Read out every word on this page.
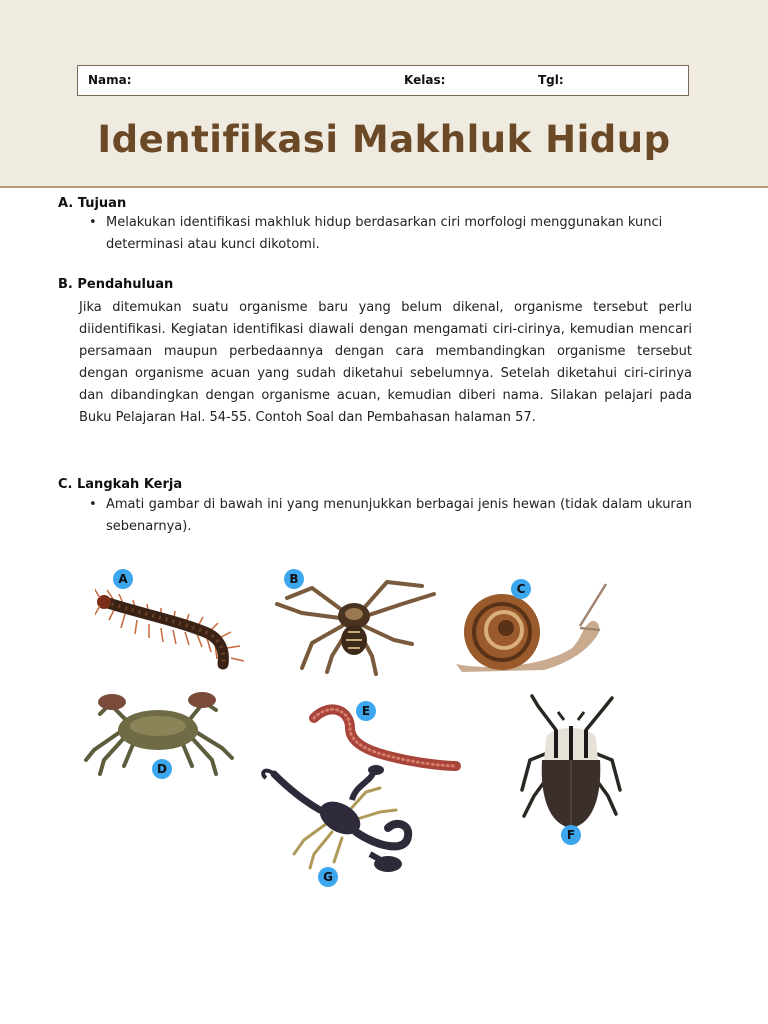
Nama:	Kelas:	Tgl:
Identifikasi Makhluk Hidup
A. Tujuan
• Melakukan identifikasi makhluk hidup berdasarkan ciri morfologi menggunakan kunci determinasi atau kunci dikotomi.
B. Pendahuluan
Jika ditemukan suatu organisme baru yang belum dikenal, organisme tersebut perlu diidentifikasi. Kegiatan identifikasi diawali dengan mengamati ciri-cirinya, kemudian mencari persamaan maupun perbedaannya dengan cara membandingkan organisme tersebut dengan organisme acuan yang sudah diketahui sebelumnya. Setelah diketahui ciri-cirinya dan dibandingkan dengan organisme acuan, kemudian diberi nama. Silakan pelajari pada Buku Pelajaran Hal. 54-55. Contoh Soal dan Pembahasan halaman 57.
C. Langkah Kerja
• Amati gambar di bawah ini yang menunjukkan berbagai jenis hewan (tidak dalam ukuran sebenarnya).
A	B
C
D
E
F
G
